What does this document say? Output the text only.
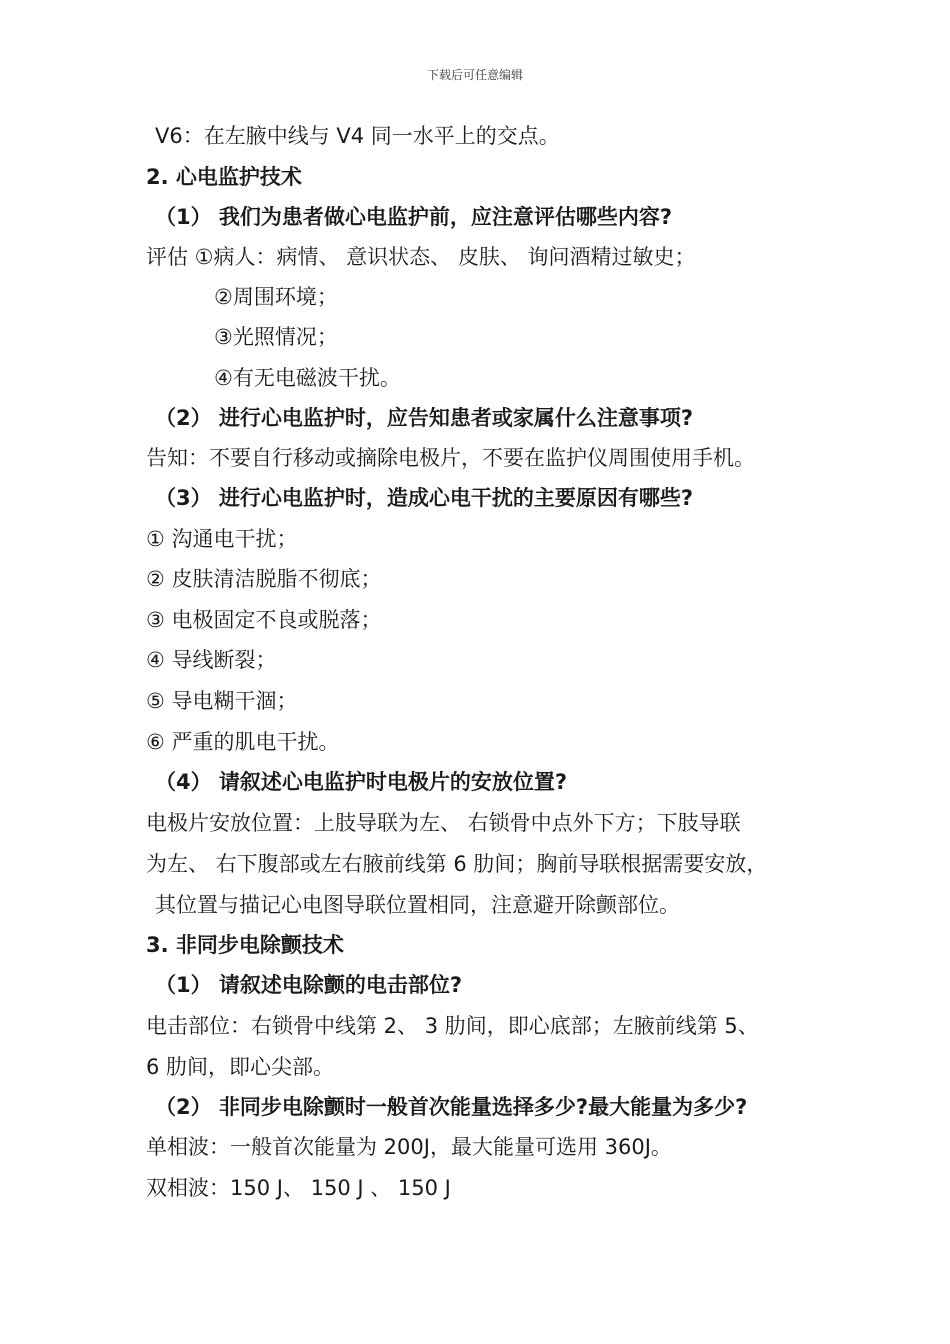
下载后可任意编辑
V6：在左腋中线与 V4 同一水平上的交点。
2. 心电监护技术
（1） 我们为患者做心电监护前，应注意评估哪些内容?
评估 ①病人：病情、 意识状态、 皮肤、 询问酒精过敏史；
②周围环境；
③光照情况；
④有无电磁波干扰。
（2） 进行心电监护时，应告知患者或家属什么注意事项?
告知：不要自行移动或摘除电极片，不要在监护仪周围使用手机。
（3） 进行心电监护时，造成心电干扰的主要原因有哪些?
① 沟通电干扰；
② 皮肤清洁脱脂不彻底；
③ 电极固定不良或脱落；
④ 导线断裂；
⑤ 导电糊干涸；
⑥ 严重的肌电干扰。
（4） 请叙述心电监护时电极片的安放位置?
电极片安放位置：上肢导联为左、 右锁骨中点外下方；下肢导联
为左、 右下腹部或左右腋前线第 6 肋间；胸前导联根据需要安放，
其位置与描记心电图导联位置相同，注意避开除颤部位。
3. 非同步电除颤技术
（1） 请叙述电除颤的电击部位?
电击部位：右锁骨中线第 2、 3 肋间，即心底部；左腋前线第 5、
6 肋间，即心尖部。
（2） 非同步电除颤时一般首次能量选择多少?最大能量为多少?
单相波：一般首次能量为 200J，最大能量可选用 360J。
双相波：150 J、 150 J 、 150 J
